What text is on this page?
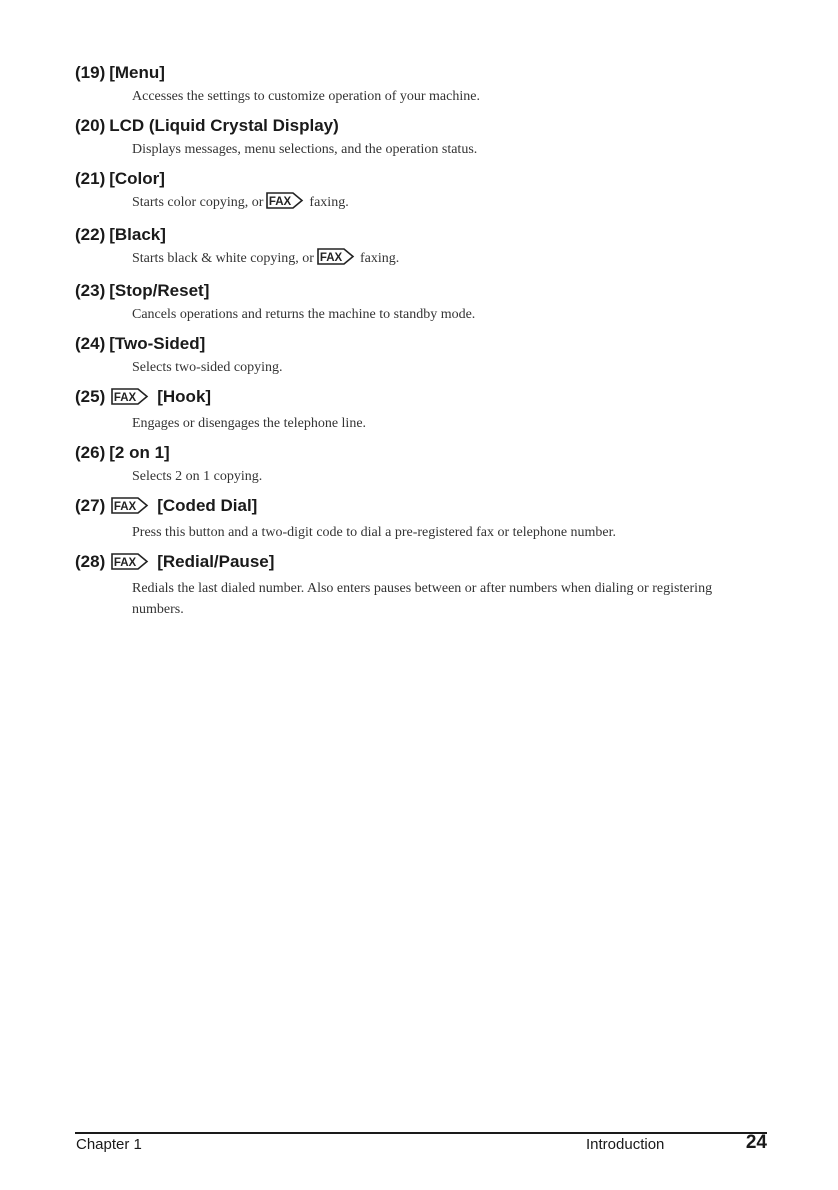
(19) [Menu]

Accesses the settings to customize operation of your machine.

(20) LCD (Liquid Crystal Display)

Displays messages, menu selections, and the operation status.

(21) [Color]

Starts color copying, or FAX faxing.

(22) [Black]

Starts black & white copying, or FAX faxing.

(23) [Stop/Reset]

Cancels operations and returns the machine to standby mode.

(24) [Two-Sided]

Selects two-sided copying.

(25) FAX [Hook]

Engages or disengages the telephone line.

(26) [2 on 1]

Selects 2 on 1 copying.

(27) FAX [Coded Dial]

Press this button and a two-digit code to dial a pre-registered fax or telephone number.

(28) FAX [Redial/Pause]

Redials the last dialed number. Also enters pauses between or after numbers when dialing or registering numbers.

Chapter 1	Introduction	24
